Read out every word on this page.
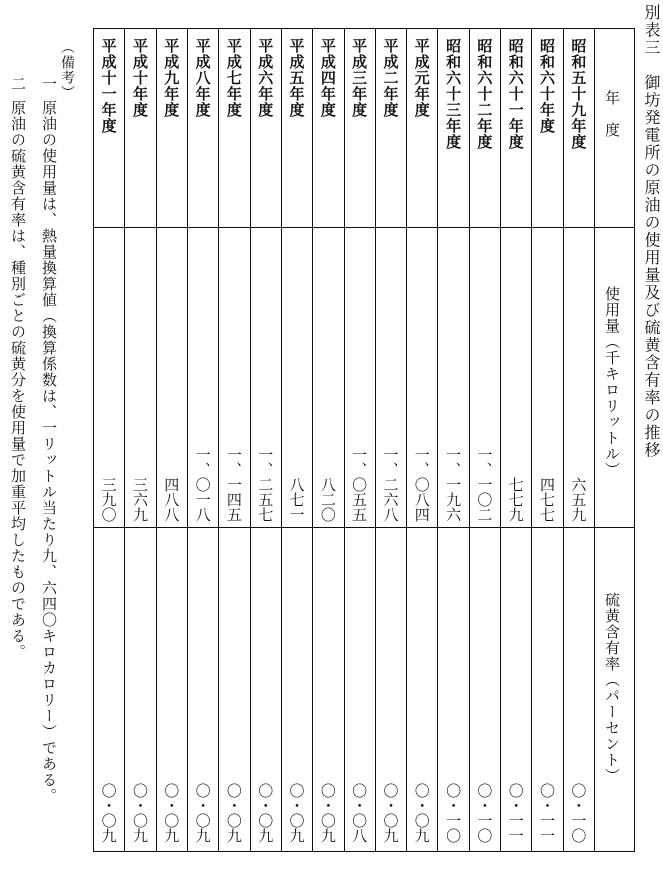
別表三　御坊発電所の原油の使用量及び硫黄含有率の推移
年　度
使用量（千キロリットル）
硫黄含有率（パーセント）
昭和五十九年度
六五九
〇・一〇
昭和六十年度
四七七
〇・一一
昭和六十一年度
七七九
〇・一一
昭和六十二年度
一、一〇二
〇・一〇
昭和六十三年度
一、一九六
〇・一〇
平成元年度
一、〇八四
〇・〇九
平成二年度
一、二六八
〇・〇九
平成三年度
一、〇五五
〇・〇八
平成四年度
八二〇
〇・〇九
平成五年度
八七一
〇・〇九
平成六年度
一、二五七
〇・〇九
平成七年度
一、一四五
〇・〇九
平成八年度
一、〇一八
〇・〇九
平成九年度
四八八
〇・〇九
平成十年度
三六九
〇・〇九
平成十一年度
三九〇
〇・〇九
（備考）
一
原油の使用量は、熱量換算値（換算係数は、一リットル当たり九、六四〇キロカロリー）である。
二
原油の硫黄含有率は、種別ごとの硫黄分を使用量で加重平均したものである。
